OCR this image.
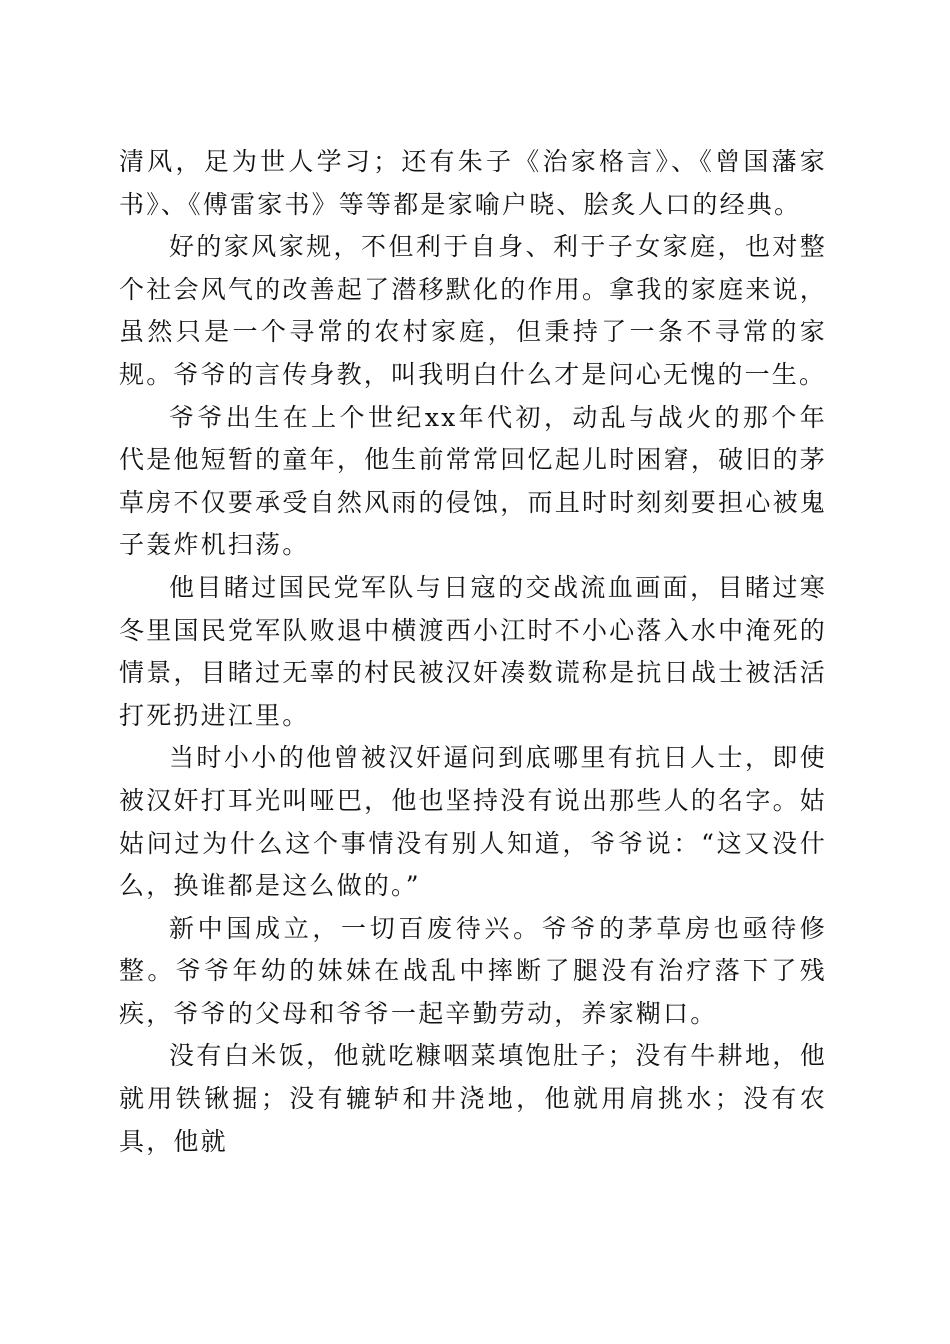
清风，足为世人学习；还有朱子《治家格言》、《曾国藩家书》、《傅雷家书》等等都是家喻户晓、脍炙人口的经典。

好的家风家规，不但利于自身、利于子女家庭，也对整个社会风气的改善起了潜移默化的作用。拿我的家庭来说，虽然只是一个寻常的农村家庭，但秉持了一条不寻常的家规。爷爷的言传身教，叫我明白什么才是问心无愧的一生。

爷爷出生在上个世纪xx年代初，动乱与战火的那个年代是他短暂的童年，他生前常常回忆起儿时困窘，破旧的茅草房不仅要承受自然风雨的侵蚀，而且时时刻刻要担心被鬼子轰炸机扫荡。

他目睹过国民党军队与日寇的交战流血画面，目睹过寒冬里国民党军队败退中横渡西小江时不小心落入水中淹死的情景，目睹过无辜的村民被汉奸凑数谎称是抗日战士被活活打死扔进江里。

当时小小的他曾被汉奸逼问到底哪里有抗日人士，即使被汉奸打耳光叫哑巴，他也坚持没有说出那些人的名字。姑姑问过为什么这个事情没有别人知道，爷爷说：“这又没什么，换谁都是这么做的。”

新中国成立，一切百废待兴。爷爷的茅草房也亟待修整。爷爷年幼的妹妹在战乱中摔断了腿没有治疗落下了残疾，爷爷的父母和爷爷一起辛勤劳动，养家糊口。

没有白米饭，他就吃糠咽菜填饱肚子；没有牛耕地，他就用铁锹掘；没有辘轳和井浇地，他就用肩挑水；没有农具，他就
